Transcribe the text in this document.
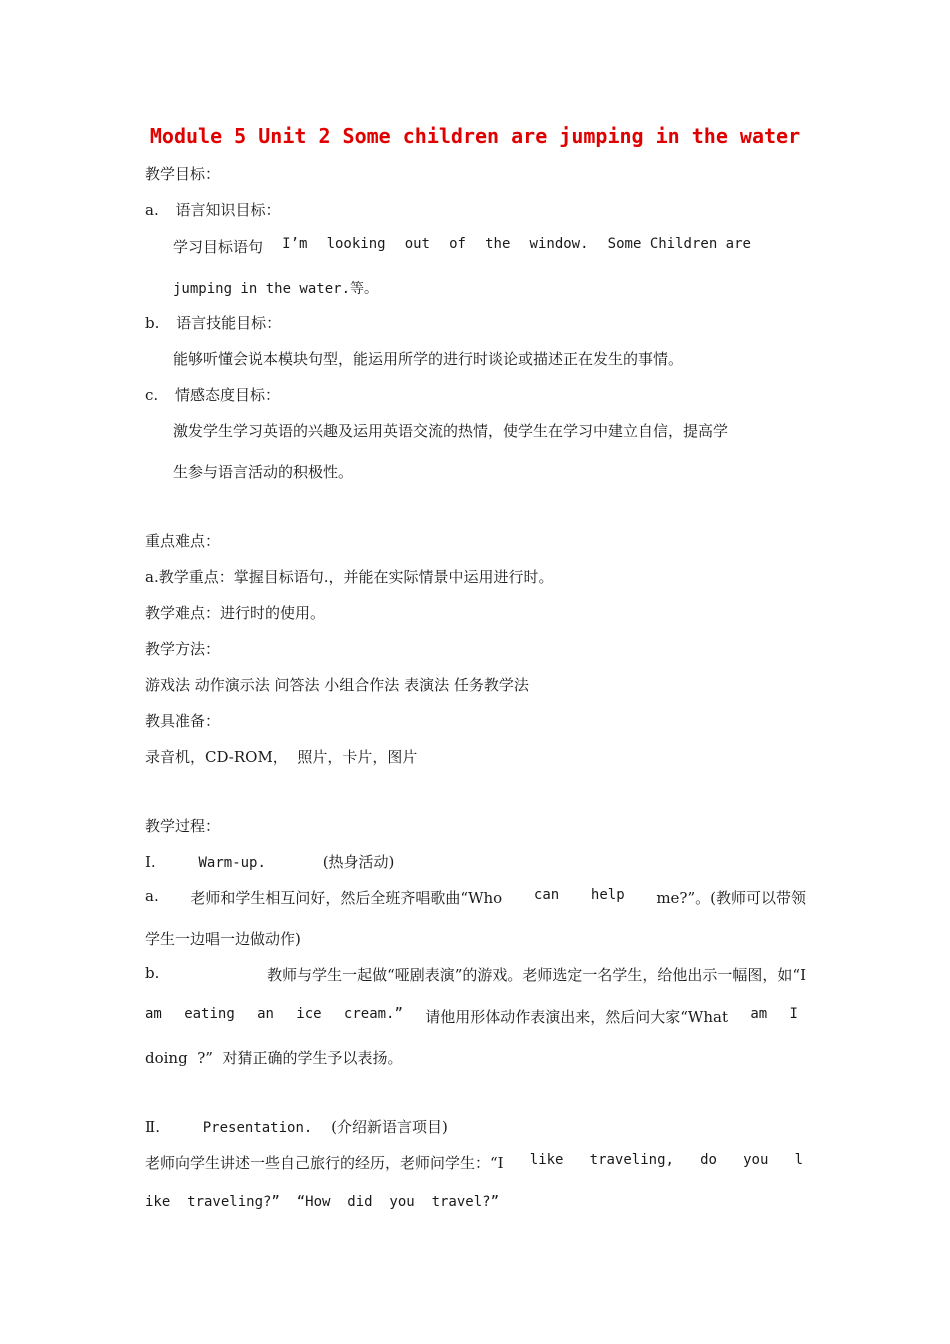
Module 5 Unit 2 Some children are jumping in the water
教学目标：
a. 语言知识目标：
学习目标语句 I’m looking out of the window. Some Children are
jumping in the water.等。
b. 语言技能目标：
能够听懂会说本模块句型，能运用所学的进行时谈论或描述正在发生的事情。
c. 情感态度目标：
激发学生学习英语的兴趣及运用英语交流的热情，使学生在学习中建立自信，提高学
生参与语言活动的积极性。
重点难点：
a.教学重点：掌握目标语句.，并能在实际情景中运用进行时。
教学难点：进行时的使用。
教学方法：
游戏法 动作演示法 问答法 小组合作法 表演法 任务教学法
教具准备：
录音机，CD-ROM，  照片，卡片，图片
教学过程：
Ⅰ.	Warm-up.	(热身活动)
a. 老师和学生相互问好，然后全班齐唱歌曲“Who can help me?”。(教师可以带领
学生一边唱一边做动作)
b.	教师与学生一起做“哑剧表演”的游戏。老师选定一名学生，给他出示一幅图，如“I
am eating an ice cream.” 请他用形体动作表演出来，然后问大家“What am I
doing  ?”  对猜正确的学生予以表扬。
Ⅱ.	Presentation. (介绍新语言项目)
老师向学生讲述一些自己旅行的经历，老师问学生：“I like traveling, do you l
ike  traveling?”  “How  did  you  travel?”
